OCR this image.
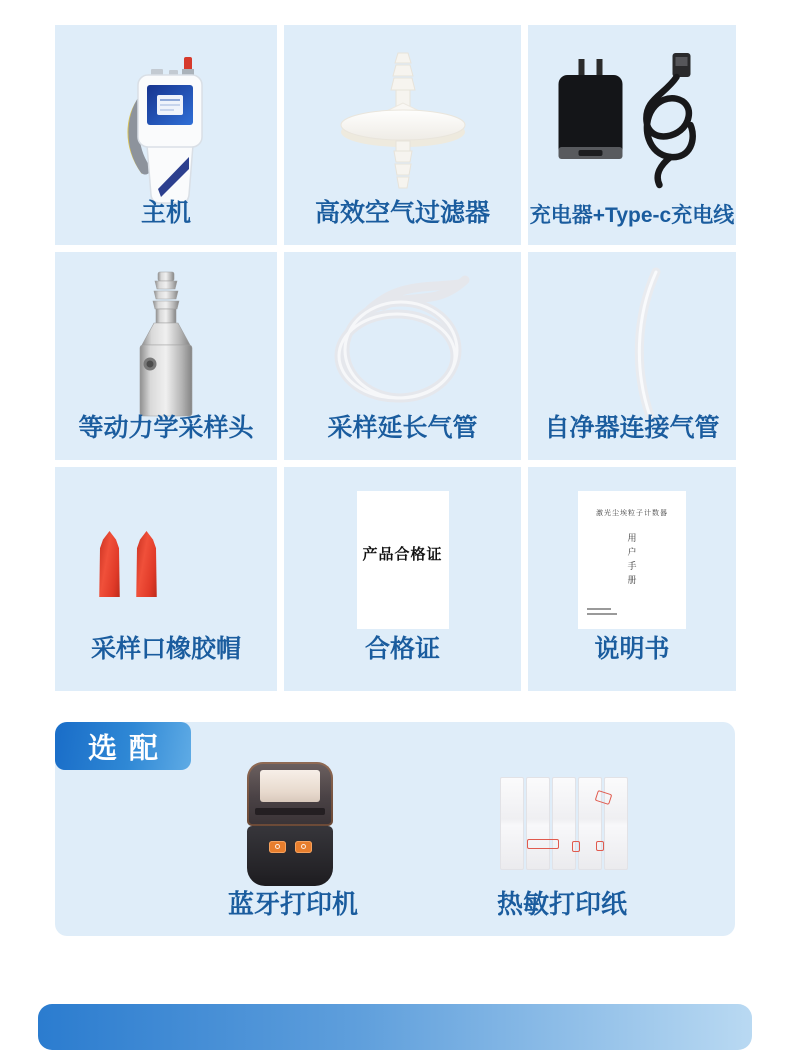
主机	高效空气过滤器	充电器+Type-c充电线
等动力学采样头	采样延长气管	自净器连接气管
采样口橡胶帽
产品合格证
合格证
激光尘埃粒子计数器
用户手册
说明书
选配
蓝牙打印机	热敏打印纸
